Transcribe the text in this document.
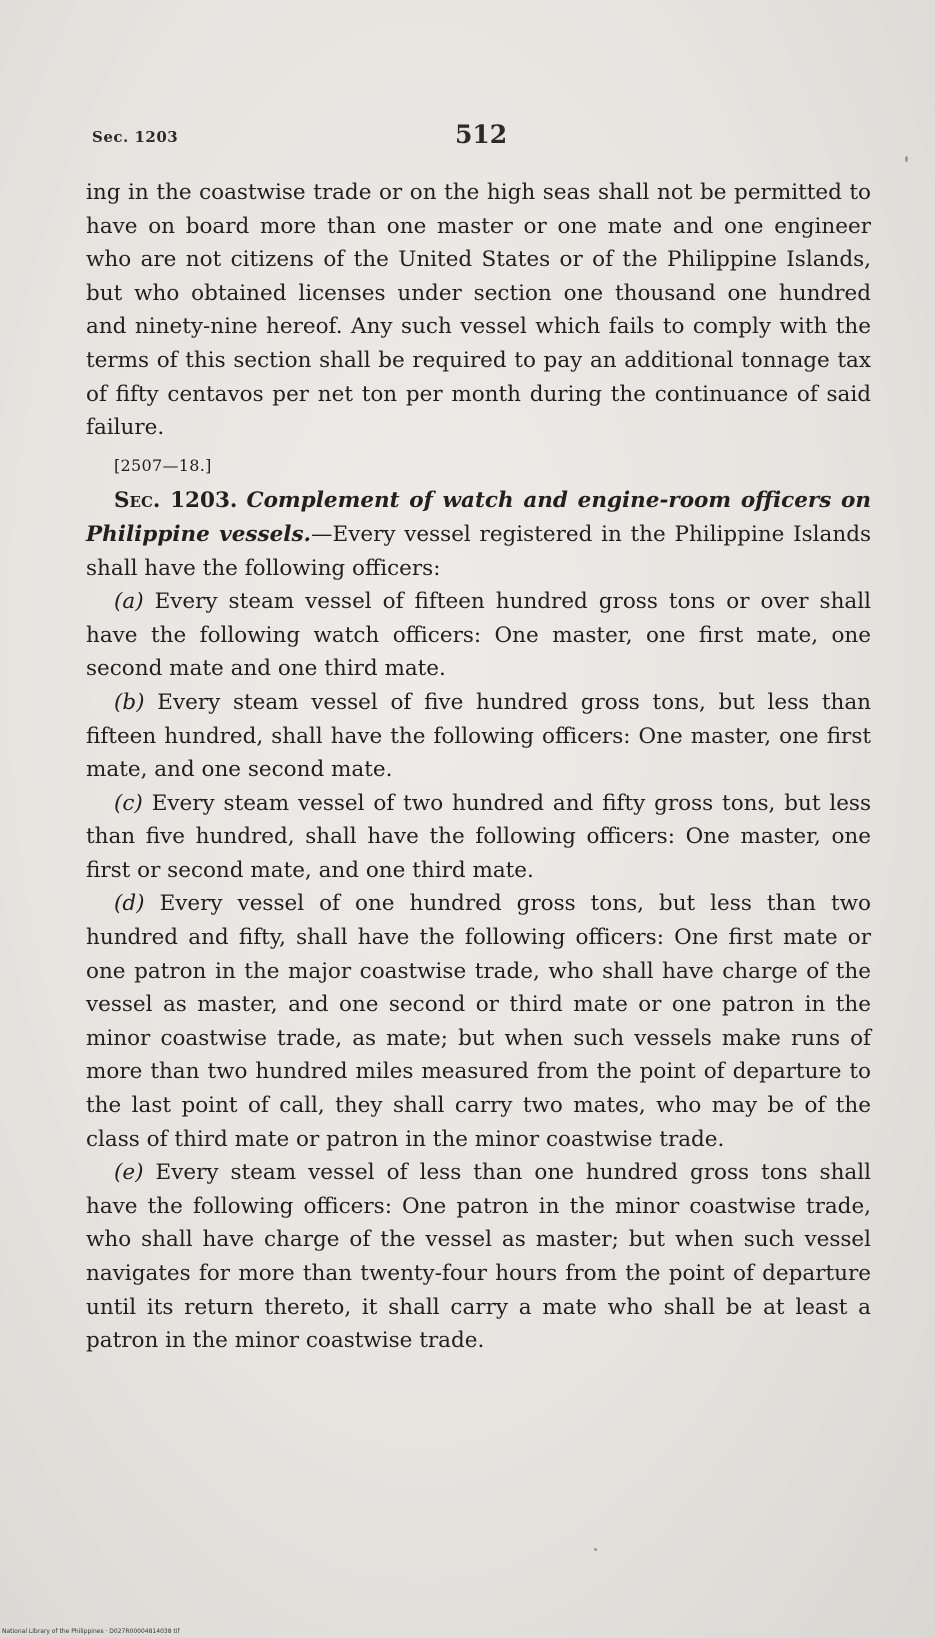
Sec. 1203	512

ing in the coastwise trade or on the high seas shall not be permitted to have on board more than one master or one mate and one engineer who are not citizens of the United States or of the Philippine Islands, but who obtained licenses under section one thousand one hundred and ninety-nine hereof. Any such vessel which fails to comply with the terms of this section shall be required to pay an additional tonnage tax of fifty centavos per net ton per month during the continuance of said failure.

[2507—18.]

Sec. 1203. Complement of watch and engine-room officers on Philippine vessels.—Every vessel registered in the Philippine Islands shall have the following officers:

(a) Every steam vessel of fifteen hundred gross tons or over shall have the following watch officers: One master, one first mate, one second mate and one third mate.

(b) Every steam vessel of five hundred gross tons, but less than fifteen hundred, shall have the following officers: One master, one first mate, and one second mate.

(c) Every steam vessel of two hundred and fifty gross tons, but less than five hundred, shall have the following officers: One master, one first or second mate, and one third mate.

(d) Every vessel of one hundred gross tons, but less than two hundred and fifty, shall have the following officers: One first mate or one patron in the major coastwise trade, who shall have charge of the vessel as master, and one second or third mate or one patron in the minor coastwise trade, as mate; but when such vessels make runs of more than two hundred miles measured from the point of departure to the last point of call, they shall carry two mates, who may be of the class of third mate or patron in the minor coastwise trade.

(e) Every steam vessel of less than one hundred gross tons shall have the following officers: One patron in the minor coastwise trade, who shall have charge of the vessel as master; but when such vessel navigates for more than twenty-four hours from the point of departure until its return thereto, it shall carry a mate who shall be at least a patron in the minor coastwise trade.

National Library of the Philippines · D027R00004814038 tif
